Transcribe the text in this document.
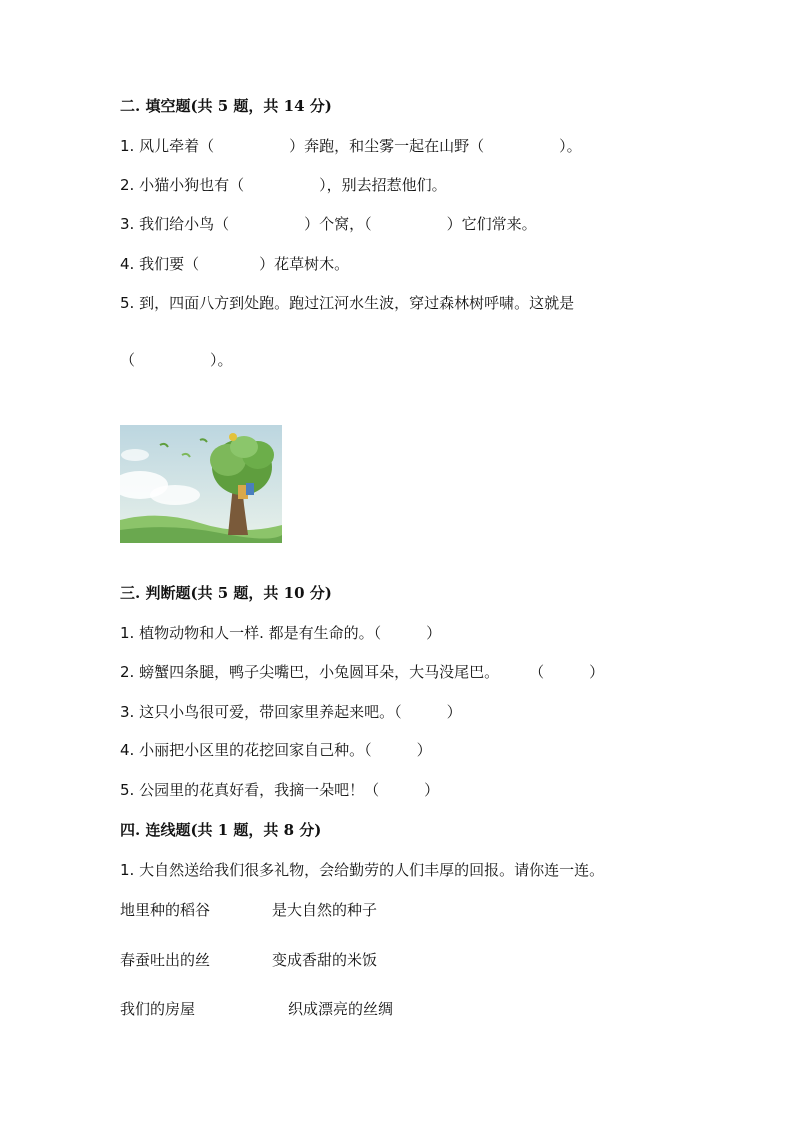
二. 填空题(共 5 题，共 14 分)
1. 风儿牵着（　　　　　）奔跑，和尘雾一起在山野（　　　　　）。
2. 小猫小狗也有（　　　　　），别去招惹他们。
3. 我们给小鸟（　　　　　）个窝，（　　　　　）它们常来。
4. 我们要（　　　　）花草树木。
5. 到，四面八方到处跑。跑过江河水生波，穿过森林树呼啸。这就是
（　　　　　）。
三. 判断题(共 5 题，共 10 分)
1. 植物动物和人一样. 都是有生命的。（　　　）
2. 螃蟹四条腿，鸭子尖嘴巴，小兔圆耳朵，大马没尾巴。　　　（　　　）
3. 这只小鸟很可爱，带回家里养起来吧。（　　　）
4. 小丽把小区里的花挖回家自己种。（　　　）
5. 公园里的花真好看，我摘一朵吧！（　　　）
四. 连线题(共 1 题，共 8 分)
1. 大自然送给我们很多礼物，会给勤劳的人们丰厚的回报。请你连一连。
地里种的稻谷	是大自然的种子
春蚕吐出的丝	变成香甜的米饭
我们的房屋	织成漂亮的丝绸
